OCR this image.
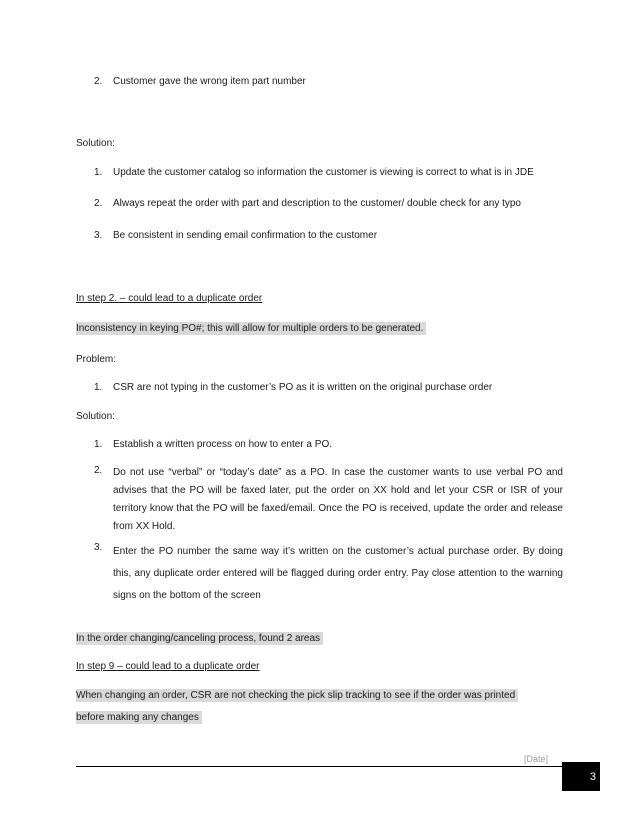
2. Customer gave the wrong item part number
Solution:
1. Update the customer catalog so information the customer is viewing is correct to what is in JDE
2. Always repeat the order with part and description to the customer/ double check for any typo
3. Be consistent in sending email confirmation to the customer
In step 2. – could lead to a duplicate order
Inconsistency in keying PO#; this will allow for multiple orders to be generated.
Problem:
1. CSR are not typing in the customer’s PO as it is written on the original purchase order
Solution:
1. Establish a written process on how to enter a PO.
2. Do not use “verbal” or “today’s date” as a PO. In case the customer wants to use verbal PO and advises that the PO will be faxed later, put the order on XX hold and let your CSR or ISR of your territory know that the PO will be faxed/email. Once the PO is received, update the order and release from XX Hold.
3. Enter the PO number the same way it’s written on the customer’s actual purchase order. By doing this, any duplicate order entered will be flagged during order entry. Pay close attention to the warning signs on the bottom of the screen
In the order changing/canceling process, found 2 areas
In step 9 – could lead to a duplicate order
When changing an order, CSR are not checking the pick slip tracking to see if the order was printed
before making any changes
[Date]
3
